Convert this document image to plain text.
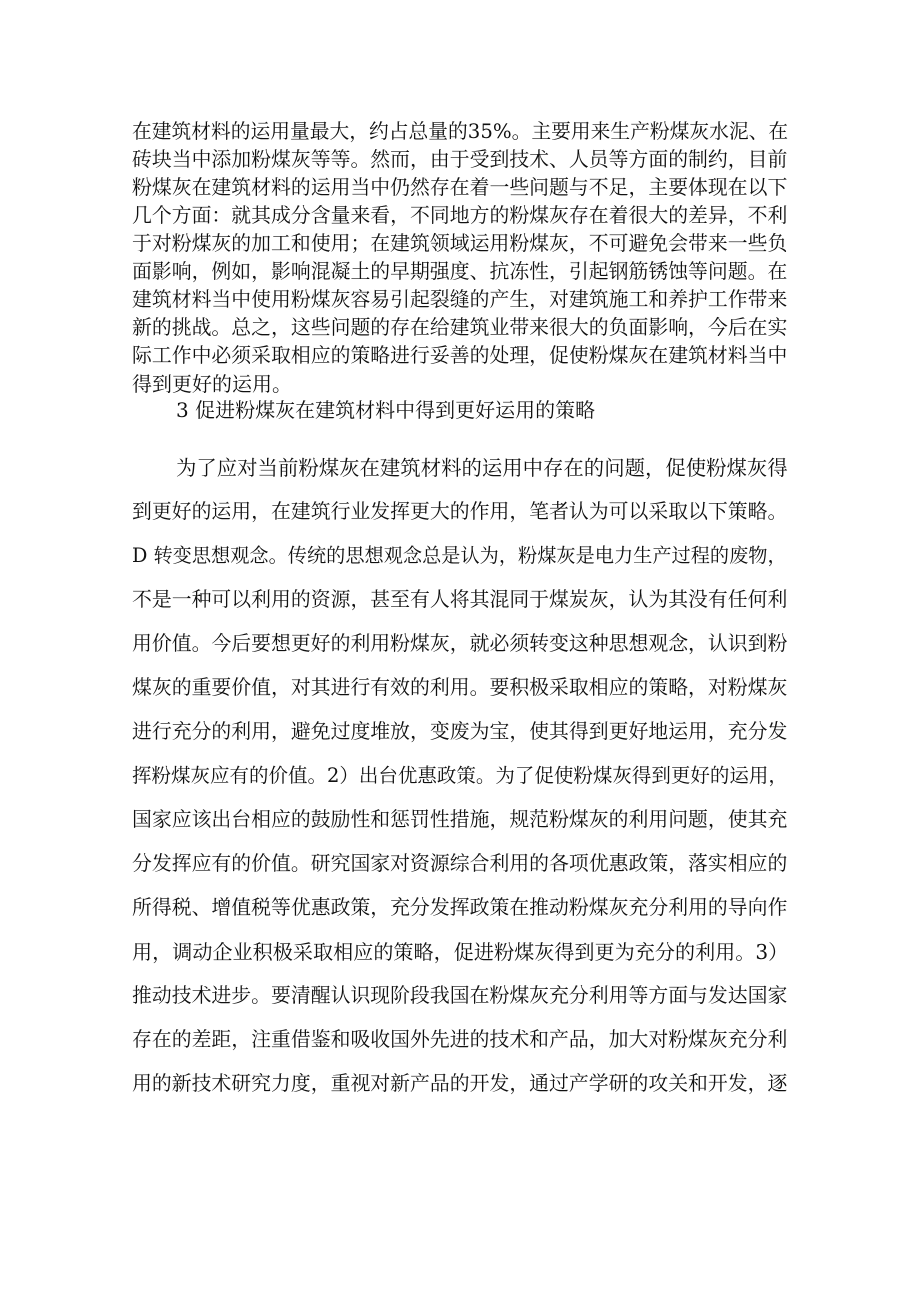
在建筑材料的运用量最大，约占总量的35%。主要用来生产粉煤灰水泥、在
砖块当中添加粉煤灰等等。然而，由于受到技术、人员等方面的制约，目前
粉煤灰在建筑材料的运用当中仍然存在着一些问题与不足，主要体现在以下
几个方面：就其成分含量来看，不同地方的粉煤灰存在着很大的差异，不利
于对粉煤灰的加工和使用；在建筑领域运用粉煤灰，不可避免会带来一些负
面影响，例如，影响混凝土的早期强度、抗冻性，引起钢筋锈蚀等问题。在
建筑材料当中使用粉煤灰容易引起裂缝的产生，对建筑施工和养护工作带来
新的挑战。总之，这些问题的存在给建筑业带来很大的负面影响，今后在实
际工作中必须采取相应的策略进行妥善的处理，促使粉煤灰在建筑材料当中
得到更好的运用。
3 促进粉煤灰在建筑材料中得到更好运用的策略
为了应对当前粉煤灰在建筑材料的运用中存在的问题，促使粉煤灰得
到更好的运用，在建筑行业发挥更大的作用，笔者认为可以采取以下策略。
D 转变思想观念。传统的思想观念总是认为，粉煤灰是电力生产过程的废物，
不是一种可以利用的资源，甚至有人将其混同于煤炭灰，认为其没有任何利
用价值。今后要想更好的利用粉煤灰，就必须转变这种思想观念，认识到粉
煤灰的重要价值，对其进行有效的利用。要积极采取相应的策略，对粉煤灰
进行充分的利用，避免过度堆放，变废为宝，使其得到更好地运用，充分发
挥粉煤灰应有的价值。2）出台优惠政策。为了促使粉煤灰得到更好的运用，
国家应该出台相应的鼓励性和惩罚性措施，规范粉煤灰的利用问题，使其充
分发挥应有的价值。研究国家对资源综合利用的各项优惠政策，落实相应的
所得税、增值税等优惠政策，充分发挥政策在推动粉煤灰充分利用的导向作
用，调动企业积极采取相应的策略，促进粉煤灰得到更为充分的利用。3）
推动技术进步。要清醒认识现阶段我国在粉煤灰充分利用等方面与发达国家
存在的差距，注重借鉴和吸收国外先进的技术和产品，加大对粉煤灰充分利
用的新技术研究力度，重视对新产品的开发，通过产学研的攻关和开发，逐
